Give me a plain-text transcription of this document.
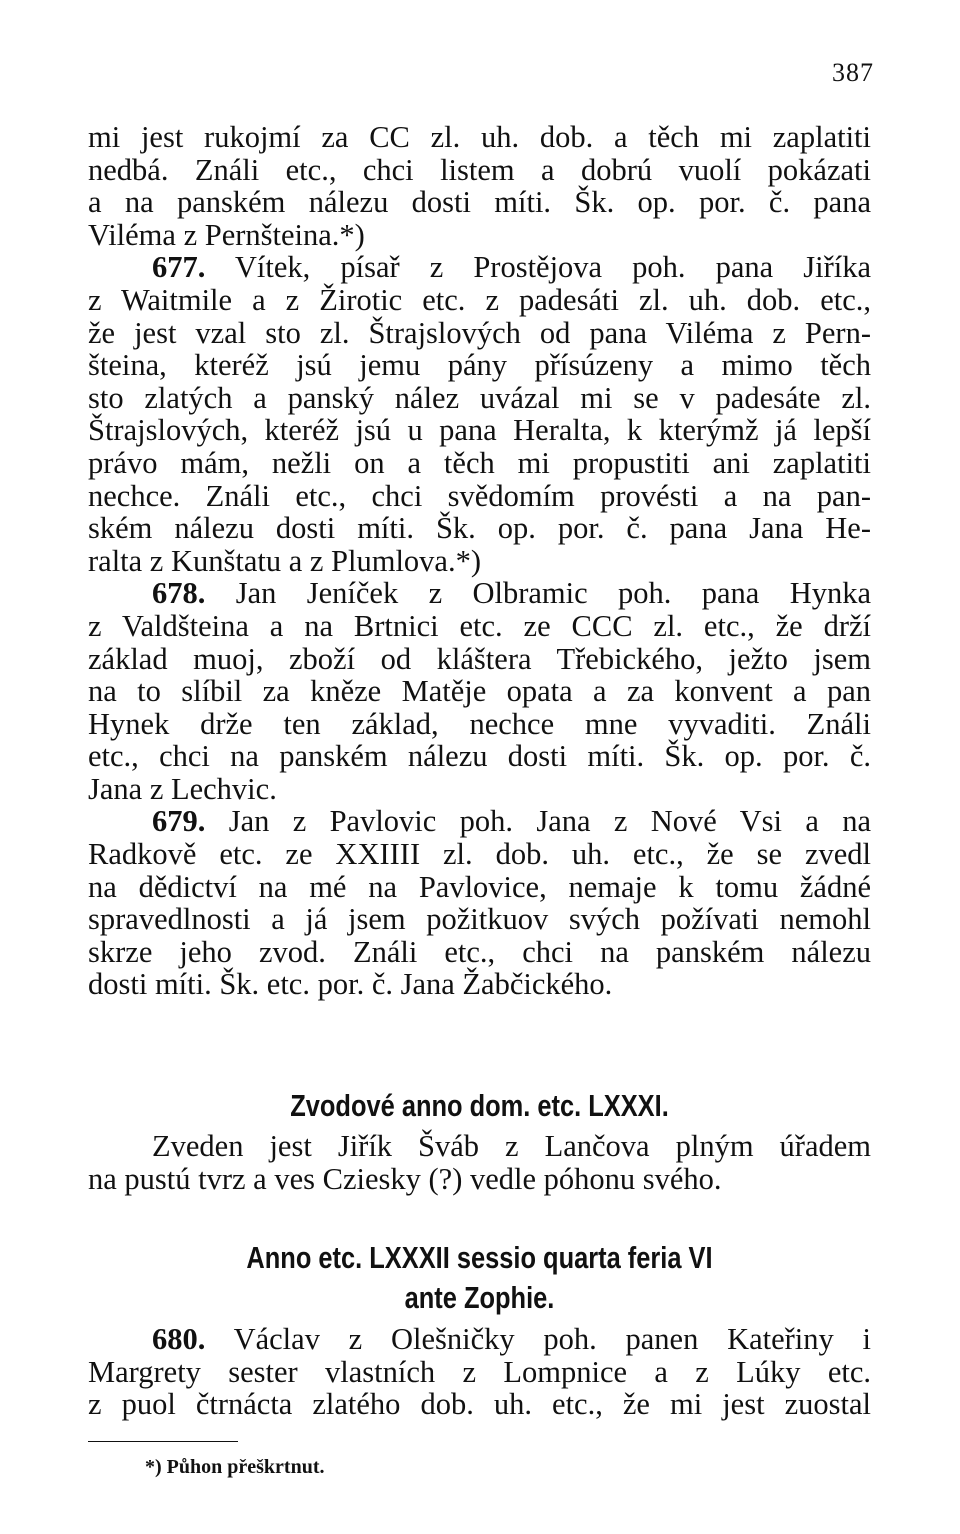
387
mi jest rukojmí za CC zl. uh. dob. a těch mi zaplatiti
nedbá. Ználi etc., chci listem a dobrú vuolí pokázati
a na panském nálezu dosti míti. Šk. op. por. č. pana
Viléma z Pernšteina.*)
677. Vítek, písař z Prostějova poh. pana Jiříka
z Waitmile a z Žirotic etc. z padesáti zl. uh. dob. etc.,
že jest vzal sto zl. Štrajslových od pana Viléma z Pern-
šteina, kteréž jsú jemu pány přísúzeny a mimo těch
sto zlatých a panský nález uvázal mi se v padesáte zl.
Štrajslových, kteréž jsú u pana Heralta, k kterýmž já lepší
právo mám, nežli on a těch mi propustiti ani zaplatiti
nechce. Ználi etc., chci svědomím provésti a na pan-
ském nálezu dosti míti. Šk. op. por. č. pana Jana He-
ralta z Kunštatu a z Plumlova.*)
678. Jan Jeníček z Olbramic poh. pana Hynka
z Valdšteina a na Brtnici etc. ze CCC zl. etc., že drží
základ muoj, zboží od kláštera Třebického, ježto jsem
na to slíbil za kněze Matěje opata a za konvent a pan
Hynek drže ten základ, nechce mne vyvaditi. Ználi
etc., chci na panském nálezu dosti míti. Šk. op. por. č.
Jana z Lechvic.
679. Jan z Pavlovic poh. Jana z Nové Vsi a na
Radkově etc. ze XXIIII zl. dob. uh. etc., že se zvedl
na dědictví na mé na Pavlovice, nemaje k tomu žádné
spravedlnosti a já jsem požitkuov svých požívati nemohl
skrze jeho zvod. Ználi etc., chci na panském nálezu
dosti míti. Šk. etc. por. č. Jana Žabčického.
Zvodové anno dom. etc. LXXXI.
Zveden jest Jiřík Šváb z Lančova plným úřadem
na pustú tvrz a ves Cziesky (?) vedle póhonu svého.
Anno etc. LXXXII sessio quarta feria VI
ante Zophie.
680. Václav z Olešničky poh. panen Kateřiny i
Margrety sester vlastních z Lompnice a z Lúky etc.
z puol čtrnácta zlatého dob. uh. etc., že mi jest zuostal
*) Půhon přeškrtnut.
